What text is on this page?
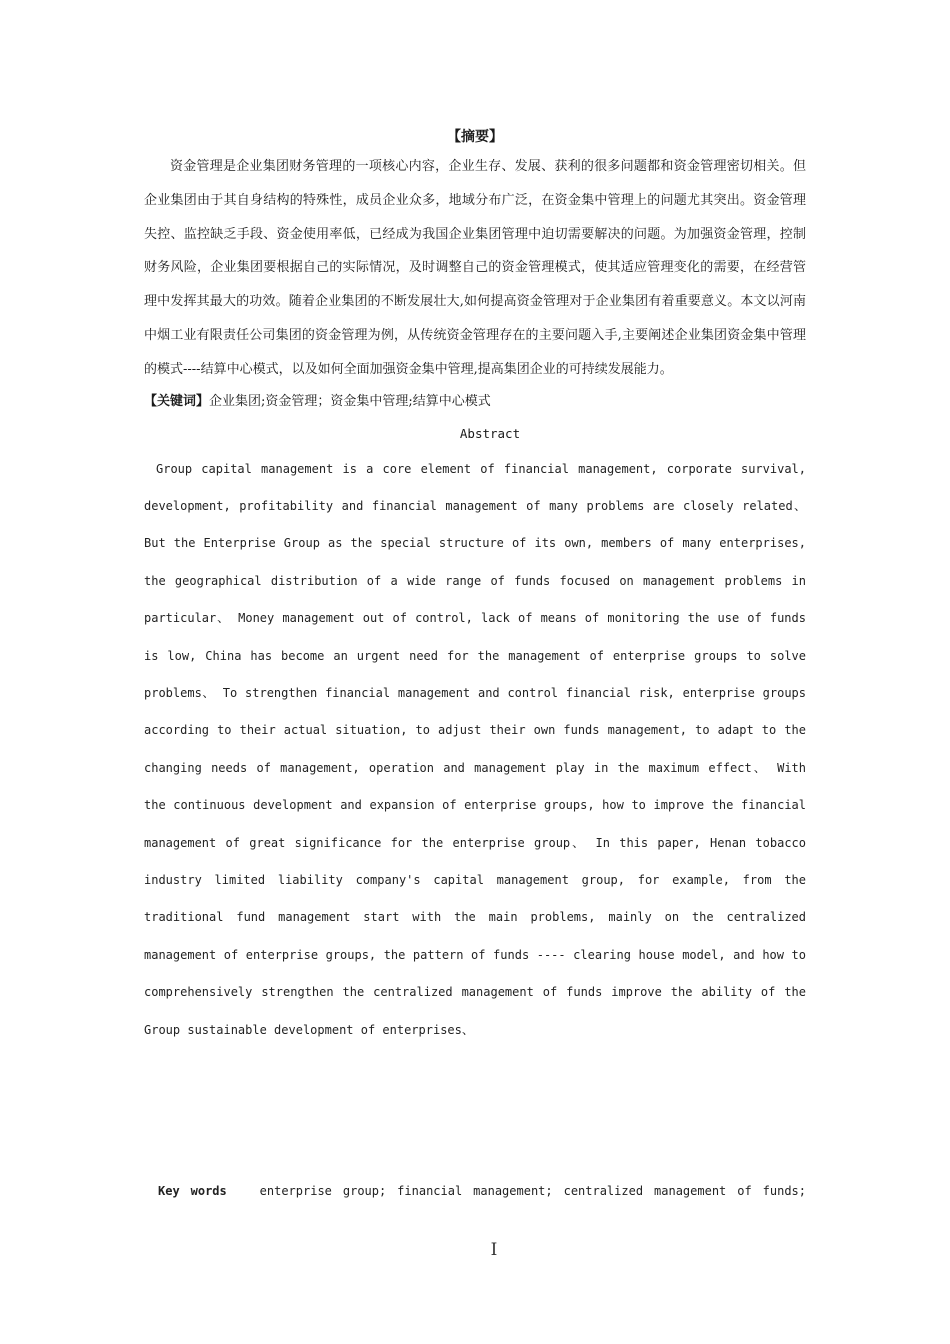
【摘要】

资金管理是企业集团财务管理的一项核心内容，企业生存、发展、获利的很多问题都和资金管理密切相关。但企业集团由于其自身结构的特殊性，成员企业众多，地域分布广泛，在资金集中管理上的问题尤其突出。资金管理失控、监控缺乏手段、资金使用率低，已经成为我国企业集团管理中迫切需要解决的问题。为加强资金管理，控制财务风险，企业集团要根据自己的实际情况，及时调整自己的资金管理模式，使其适应管理变化的需要，在经营管理中发挥其最大的功效。随着企业集团的不断发展壮大,如何提高资金管理对于企业集团有着重要意义。本文以河南中烟工业有限责任公司集团的资金管理为例，从传统资金管理存在的主要问题入手,主要阐述企业集团资金集中管理的模式----结算中心模式，以及如何全面加强资金集中管理,提高集团企业的可持续发展能力。

【关键词】企业集团;资金管理；资金集中管理;结算中心模式

Abstract

Group capital management is a core element of financial management, corporate survival, development, profitability and financial management of many problems are closely related、 But the Enterprise Group as the special structure of its own, members of many enterprises, the geographical distribution of a wide range of funds focused on management problems in particular、 Money management out of control, lack of means of monitoring the use of funds is low, China has become an urgent need for the management of enterprise groups to solve problems、 To strengthen financial management and control financial risk, enterprise groups according to their actual situation, to adjust their own funds management, to adapt to the changing needs of management, operation and management play in the maximum effect、 With the continuous development and expansion of enterprise groups, how to improve the financial management of great significance for the enterprise group、 In this paper, Henan tobacco industry limited liability company's capital management group, for example, from the traditional fund management start with the main problems, mainly on the centralized management of enterprise groups, the pattern of funds ---- clearing house model, and how to comprehensively strengthen the centralized management of funds improve the ability of the Group sustainable development of enterprises、

Key words	enterprise group; financial management; centralized management of funds;

I
